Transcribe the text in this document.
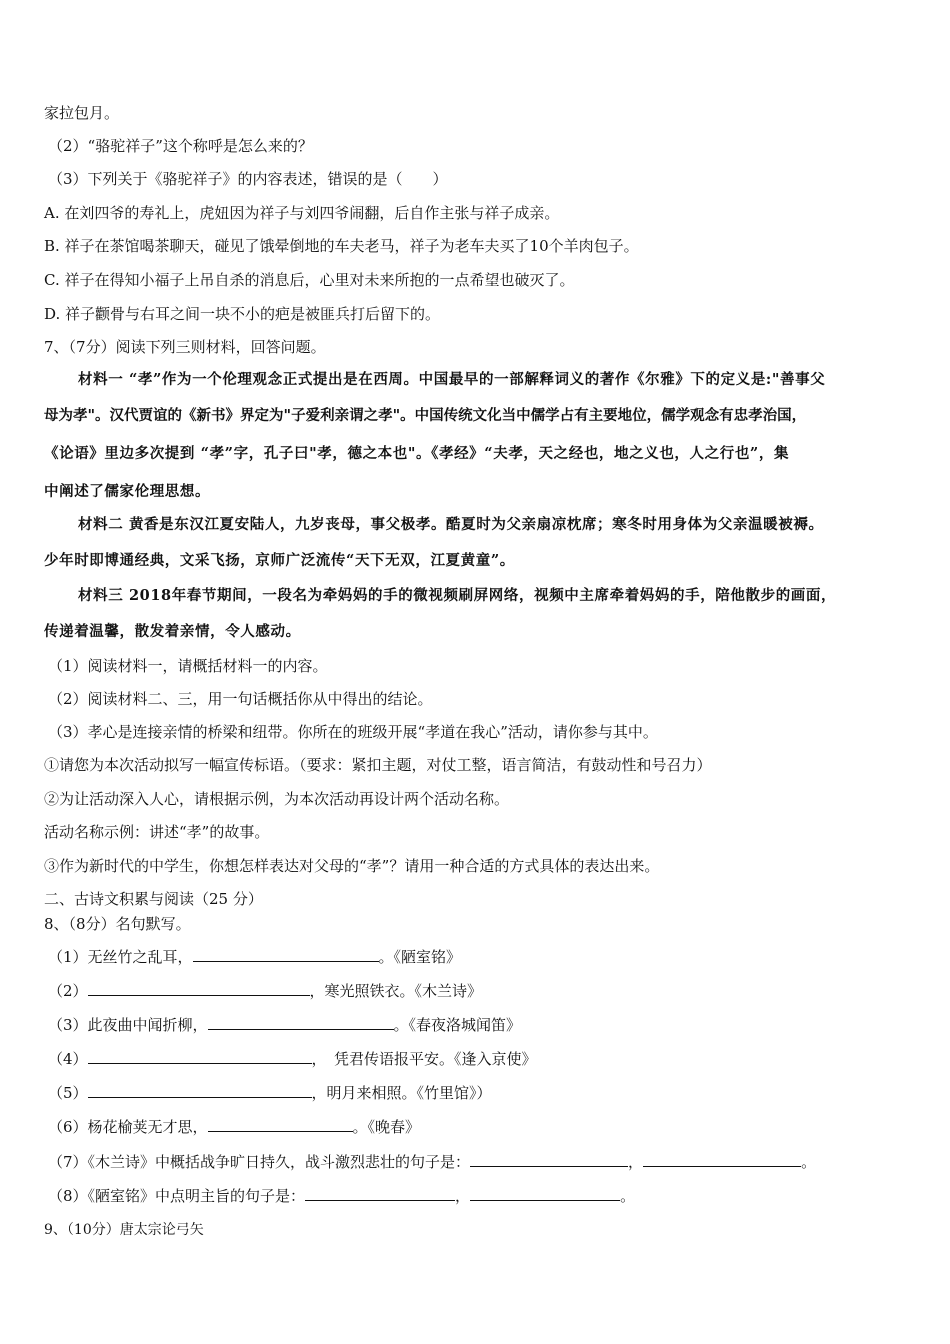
家拉包月。
（2）“骆驼祥子”这个称呼是怎么来的？
（3）下列关于《骆驼祥子》的内容表述，错误的是（　　）
A. 在刘四爷的寿礼上，虎妞因为祥子与刘四爷闹翻，后自作主张与祥子成亲。
B. 祥子在茶馆喝茶聊天，碰见了饿晕倒地的车夫老马，祥子为老车夫买了10个羊肉包子。
C. 祥子在得知小福子上吊自杀的消息后，心里对未来所抱的一点希望也破灭了。
D. 祥子颧骨与右耳之间一块不小的疤是被匪兵打后留下的。
7、（7分）阅读下列三则材料，回答问题。
材料一 “孝”作为一个伦理观念正式提出是在西周。中国最早的一部解释词义的著作《尔雅》下的定义是:"善事父
母为孝"。汉代贾谊的《新书》界定为"子爱利亲谓之孝"。中国传统文化当中儒学占有主要地位，儒学观念有忠孝治国，
《论语》里边多次提到 “孝”字，孔子曰"孝，德之本也"。《孝经》“夫孝，天之经也，地之义也，人之行也”，集
中阐述了儒家伦理思想。
材料二 黄香是东汉江夏安陆人，九岁丧母，事父极孝。酷夏时为父亲扇凉枕席；寒冬时用身体为父亲温暖被褥。
少年时即博通经典，文采飞扬，京师广泛流传“天下无双，江夏黄童”。
材料三 2018年春节期间，一段名为牵妈妈的手的微视频刷屏网络，视频中主席牵着妈妈的手，陪他散步的画面，
传递着温馨，散发着亲情，令人感动。
（1）阅读材料一，请概括材料一的内容。
（2）阅读材料二、三，用一句话概括你从中得出的结论。
（3）孝心是连接亲情的桥梁和纽带。你所在的班级开展“孝道在我心”活动，请你参与其中。
①请您为本次活动拟写一幅宣传标语。（要求：紧扣主题，对仗工整，语言简洁，有鼓动性和号召力）
②为让活动深入人心，请根据示例，为本次活动再设计两个活动名称。
活动名称示例：讲述“孝”的故事。
③作为新时代的中学生，你想怎样表达对父母的“孝”？请用一种合适的方式具体的表达出来。
二、古诗文积累与阅读（25 分）
8、（8分）名句默写。
（1）无丝竹之乱耳，	。《陋室铭》
（2）	，寒光照铁衣。《木兰诗》
（3）此夜曲中闻折柳，	。《春夜洛城闻笛》
（4）	，　凭君传语报平安。《逢入京使》
（5）	，明月来相照。《竹里馆》）
（6）杨花榆荚无才思，	。《晚春》
（7）《木兰诗》中概括战争旷日持久，战斗激烈悲壮的句子是：	，	。
（8）《陋室铭》中点明主旨的句子是：	，	。
9、（10分）唐太宗论弓矢
